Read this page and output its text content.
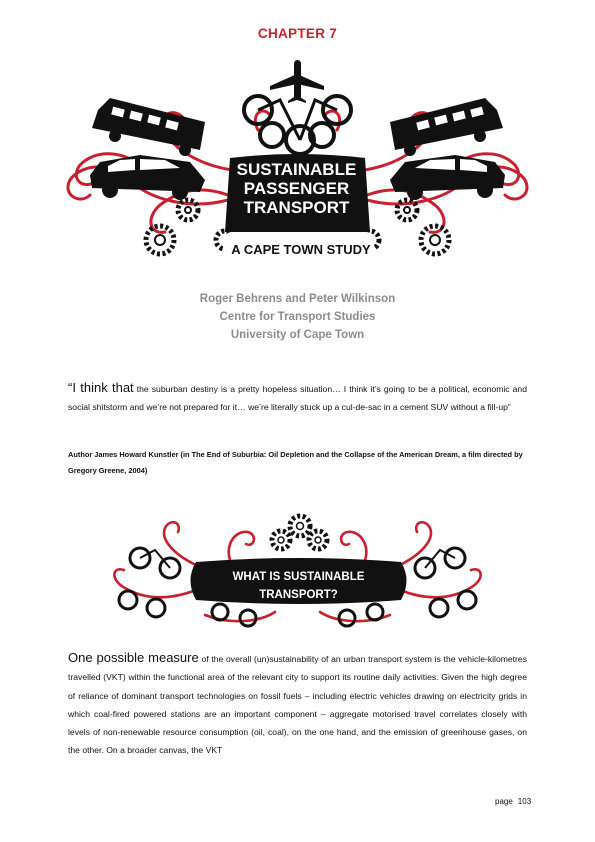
CHAPTER 7
SUSTAINABLE
PASSENGER
TRANSPORT
A CAPE TOWN STUDY
Roger Behrens and Peter Wilkinson
Centre for Transport Studies
University of Cape Town
“I think that the suburban destiny is a pretty hopeless situation… I think it’s going to be a political, economic and social shitstorm and we’re not prepared for it… we’re literally stuck up a cul-de-sac in a cement SUV without a fill-up”
Author James Howard Kunstler (in The End of Suburbia: Oil Depletion and the Collapse of the American Dream, a film directed by Gregory Greene, 2004)
WHAT IS SUSTAINABLE
TRANSPORT?
One possible measure of the overall (un)sustainability of an urban transport system is the vehicle-kilometres travelled (VKT) within the functional area of the relevant city to support its routine daily activities. Given the high degree of reliance of dominant transport technologies on fossil fuels – including electric vehicles drawing on electricity grids in which coal-fired powered stations are an important component – aggregate motorised travel correlates closely with levels of non-renewable resource consumption (oil, coal), on the one hand, and the emission of greenhouse gases, on the other. On a broader canvas, the VKT
page 103
